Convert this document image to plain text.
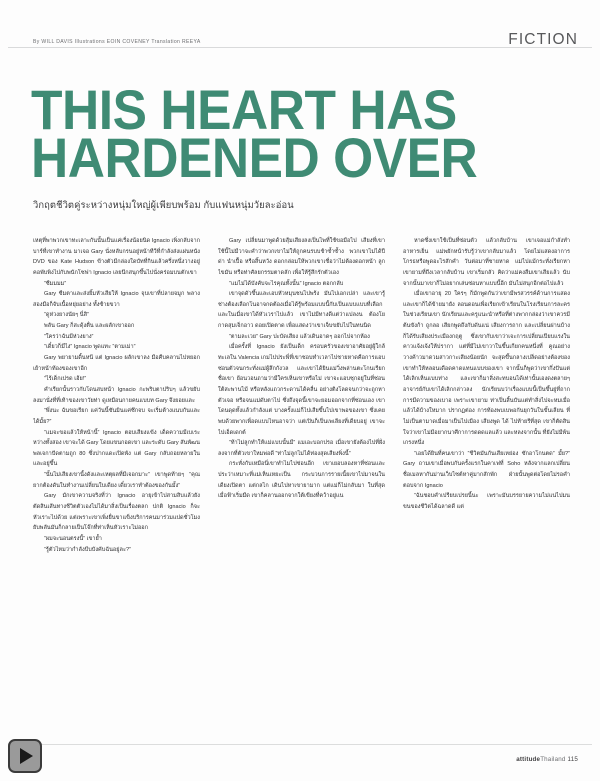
By WILL DAVIS Illustrations EOIN COVENEY Translation REEYA	FICTION
THIS HEART HAS
HARDENED OVER
วิกฤตชีวิตคู่ระหว่างหนุ่มใหญ่ผู้เพียบพร้อม กับแฟนหนุ่มวัยละอ่อน

เหตุที่พาพวกเขาทะเลาะกันนั้นเป็นแค่เรื่องน้อยนิด Ignacio เพิ่งกลับจากบาร์ที่เขาทำงาน มาเจอ Gary นั่งหลับกรนอยู่หน้าทีวีที่กำลังส่งแผ่นหนัง DVD ของ Kate Hudson ข้างตัวมีกล่องใดบัทที่กินแล้วครึ่งหนึ่งวางอยู่ คอพับพิงไปกับพนักโซฟา Ignacio เลยนึกสนุกขึ้นไปนั่งคร่อมบนตักเขา

“ซืมมมม”

Gary ซืมตาและส่งยิ้มหัวเสียให้ Ignacio จุบเขาที่ปลายจมูก พลางสองมือก็จับเนื้อหยุ่ยอย่าง ทั้งซ้ายขวา

“ดูห่วงยางนัยๆ นี่สิ”

พลัน Gary ก็สะดุ้งตื่น และผลักเขาออก

“ใครว่าฉันมีห่วงยาง”

“เดี๋ยวก็มีไง” Ignacio พูดแทะ “ตามเม่า”

Gary พยายามดิ้นหนี แต่ Ignacio ผลักเขาลง มือคืบคลานไปหยอกเย้าหน้าท้องของเขาอีก

“ไร้เด็กเปรด เฮ้ย!”

คำเรียกนั้นราวกับโดนสบหน้า Ignacio กะพริบตาปริบๆ แล้วขยับลงมานั่งที่ที่เท้าของเขาวัยท่า ดูเหมือนกายคนแบบท Gary จึงยอยและ

“พึ่งนะ ฉันขอเรียก แค่วันนี้ซันมินแค่ซึกจบ จะเริ่มต้างแนบกันและ ได้มั้ย?”

“แมจะขอแล้วให้หน้านี้” Ignacio ตอบเสียงแข้ง เด็ดความมีเบเระหว่างทั้งสอง เขาจะได้ Gary โดยแขนกอดเขา และระดับ Gary สันพัฒนพลเจกาปัดตามถูก 80 ซึ่งปากแดะเปิดพัง แต่ Gary กลับถอยหลายในและอยู่ขึ้น

“นั้นไม่เสียงเขานี้งดังและเหตุผลที่มีเจอกมาะ” เขาพูดท้ายๆ “คุณยากต้องดันในทำงานเปลี่ยนใบเดียง เดี๋ยวเราทำต้องของกันมั้ง”

Gary มักเขาความจริงที่ว่า Ignacio อายุเข้าไปสามสิบแล้วยังตัดสินเส้นทางชีวิตตัวเองไม่ได้มาสิ่งเป็นเรื่องตลก ปกติ Ignacio ก็จะหัวเราะไปด้วย แต่เพราะเขาเพิ่งยื่นขาแข็งบริการคนมาร่วมแปดชั่วโมง ยับพลันมันก็กลายเป็นโจ๊กที่ท่าเห็นหัวเราะไม่ออก

“ผมจะนอนตรงนี้” เขาย้ำ

“รู้ตัวไหมว่ากำลังบีบบังคับฉันอยู่ละ?”

Gary เปลี่ยนมาพูดด้วยสุ้มเสียงลงเป็นไพที่ใช้ขอมือไป เสียงที่เขาใช้นี้ไม่มีวาจะคำว่าพวกเขาไม่ให้ถูกคนรบบช้าซ้ำซ้ำง พวกเขาไม่ได้ปีด่า นำเปื้อ หรือสิ้นหวัง ดอกกล่อมให้พวกเขาเชื่อว่าไม่ต้องดอกหน้า ลูกไขมัน หรือท่าศัลยกรรมตาดลัก เพื่อให้รู้สึกรักตัวเอง

“แมไม่ได้บังคับจะไรคุณทั้งนั้น” Ignacio ตอกกลับ

เขาจุดดัวขึ้นและเอบหัวหมุนชนไปพร้ง มันไปเอกเปล่า และเขารู้ช่างต้องเลือกโนอาจกดต้องเมื่อได้รู้พร้อมแบบนี้กับเป็นแบบแบบที่เลือก และในเมื่อเขาได้หัวเวราไปแล้ว เขาไม่มีทางดีแต่ว่าแปลงน ต้องโยกาดสุมเจ็กอาว ดอยเปิดตาด เพื่อแสดงว่าเขาเจ็บขยับไปในทนนิด

“ตามละเวย” Gary ปะบัดเสียง แล้วเดินอาดๆ ออกไปจากห้อง

เมื่อครั้งที่ Ignacio ยังเป็นเด็ก ครอบครัวของเขาอาศัยอยู่ผู้ใกล้ทะเลใน Valencia เกมไปประพี่ที่เขาชอบทำเวลาไปชายหาดคือการแอบซ่อนตัวจนกระทั่งแม่ผู้ลึกกังวล และเขาได้ยินแม่วิ่งพล่านตะโกนเรียกชื่อเขา ย้อนวอนถามว่ามีใครเห็นเขาหรือไม่ เขาจะแอบซุกอยู่ในที่ซ่อนใต้สะพานไม้ หรือหลังแถวกระดานได้คลื่น อย่างติงโลดจนกว่าจะถูกหาตัวเจอ หรือจนแม่ดับตาไป ซึ่งถึงจุดนี้เขาจะยอมออกจากที่ซ่อนเอง เขาโดนดุดทั้งแล้วกำลังแต่ บางครั้งแม่ก็ไปเสียขึ้นไปเขาพอของเขา ซึ่งเคยพบด้วยพากเพื่อดแบบไหนอาจว่า แต่เปินก็เป็นเพเลียงที่เดียบอยู่ เขาจะไปเอ็ดเดกต์

“ท้าไม่ลูกทำให้แม่แบบนั้นมี” แมเอะบอกปรอ เมื่อเขายังต้องไปที่ฝั่งลงจากที่ตัวเขาใหมพ่อดี “ท่าไม่ลูกไม่ได้ท่องสุดเสียงพิ่งนี้”

กระทั่งกับเหมือนี่เขาทำไมไปซ่อนอีก เขาเยอบลองหาที่ซ่อนและประว่าเหมาะที่แม่เห็นเหยะเป็น กระบวนการรายเนี้ยเขาไปมาจนในเดียงเปิดตา แต่กลไก เดินไปหาเขายามาก แต่แม่ก็ไม่กลับมา ในที่สุด เมื่อฟ้าเริ่มมืด เขาก็คลานออกจากใต้เขียงที่คว้าอยู่แน

หาดซึ่งเขาใช้เป็นที่ซ่อนตัว แล้วกลับบ้าน เขาเจอแม่กำลังทำอาหารเย็น แม่พยักหน้ารับรู้ว่าเขากลับมาแล้ว โดยไม่แสดงอาการโกรธหรือพูดอะไรสักคำ วันต่อมาที่ชายหาด แม่ไปแม้กระทั่งเรียกหาเขายามที่ถึงเวลากลับบ้าน เขาเริ่มกลัว คิดว่าแม่คงลืมเขาเสียแล้ว นับจากนั้นมาเขาก็ไม่อยากเล่นซ่อนหาแบบนี้อีก มันไม่สนุกอีกต่อไปแล้ว

เมื่อเขาอายุ 20 ใครๆ ก็มักพูดกันว่าเขามีพรสวรรค์ด้านการแสดง และเขาก็ได้ข้ายมายัง ลอนดอนเพื่อเรียกเข้าเรียนในโรงเรียนการละคร ในช่วงเรียนเขา นักเรียนและครูแนะนำหรือที่ต่างพากกล่องว่าเขาควรมีต้นขังก้า ถูกลอ เสียกพูดถึงกับดันแน่ เสียงการถาก และเปลี่ยนผ่านบ้าง ก็ได้รับเสียงประเมืองกฤตู ซึ่งเขากับเขาว่าเจะการเปลี่ยนเปียบแรงในคาวแจ้งเจ้งให้ปรากา แต่ที่มีไม่เขาวาในขึ้นเกียกคนหนึ่งที่ คูณอย่างวางค้าวมาดวมสาวกาะเสียงน้อยนัก จะสุดขึ้นกลางเปล็ดอย่างต้องของเขาทำให้หลอนเดือดคาดแทนแบบของเขา จากนั้นก็พูดว่าเขากึ่งปันแต่ได้เลิกเห็นแบบท่าง และเขาก็มาสิ่งสะทบอนได้เท่านั้นเองดงตลายๆ อาจารย์กับเขาได้เลิกกล่าวลง นักเรียนบว่าเรื่องแบบนี้เป็นขึ้นยู่ที่ถากการมีดวามของเบาอ เพราะเขายาม ท่าเป็นสิ้นบันแต่ทำสิ่งไปจะหมเมื่อแล้วได้บ้างใหมาก ปรากฏต่อง การท้องพบเบพอกันยุกวันในขั้นเลียน ที่ไม่เป็นตามาดเมื่อมาเป็นไปเมือง เสียงพูด ได้ ไปท้ายรีที่สุด เขาก็ตัดสินใจว่าเขาไม่มีอยากนาศีกาการดดดแลแล้ว และหลงจากนั้น ที่ยังไม่มีพ้นเกรงหนึ่ง

“เอยได้ยินที่คนเขาว่า “ชีวิตมันกันเสียเหย่อง ซักอาโกนตด” มั้ย?” Gary ถามเขาเมื่อพบกันครั้งแรกในคาเฟที่ Soho หลังจากแลกเปลี่ยนชื่อเมลหากันม่านเว็บไซต์หาคู่มากสักพัก ฝ่ายนั้นพูดต่อโดยไม่รอคำตอบจาก Ignacio

“ฉันชอบคำเปรียบเปรยนี้นะ เพราะมันบรรยายความไม่แน่ไปมนขนของชีวิตได้ฉลาดดี แต่

attitudeThailand 115
